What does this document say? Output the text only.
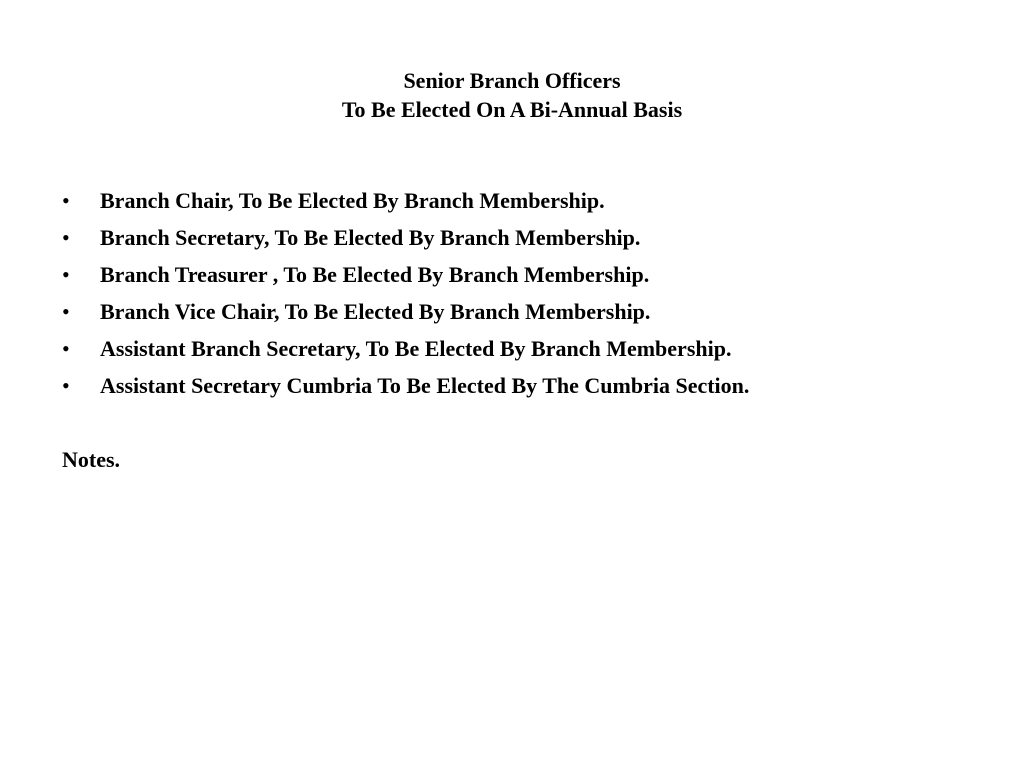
Senior Branch Officers
To Be Elected On A Bi-Annual Basis
•	Branch Chair, To Be Elected By Branch Membership.
•	Branch Secretary, To Be Elected By Branch Membership.
•	Branch Treasurer , To Be Elected By Branch Membership.
•	Branch Vice Chair, To Be Elected By Branch Membership.
•	Assistant Branch Secretary, To Be Elected By Branch Membership.
•	Assistant Secretary Cumbria To Be Elected By The Cumbria Section.
Notes.
